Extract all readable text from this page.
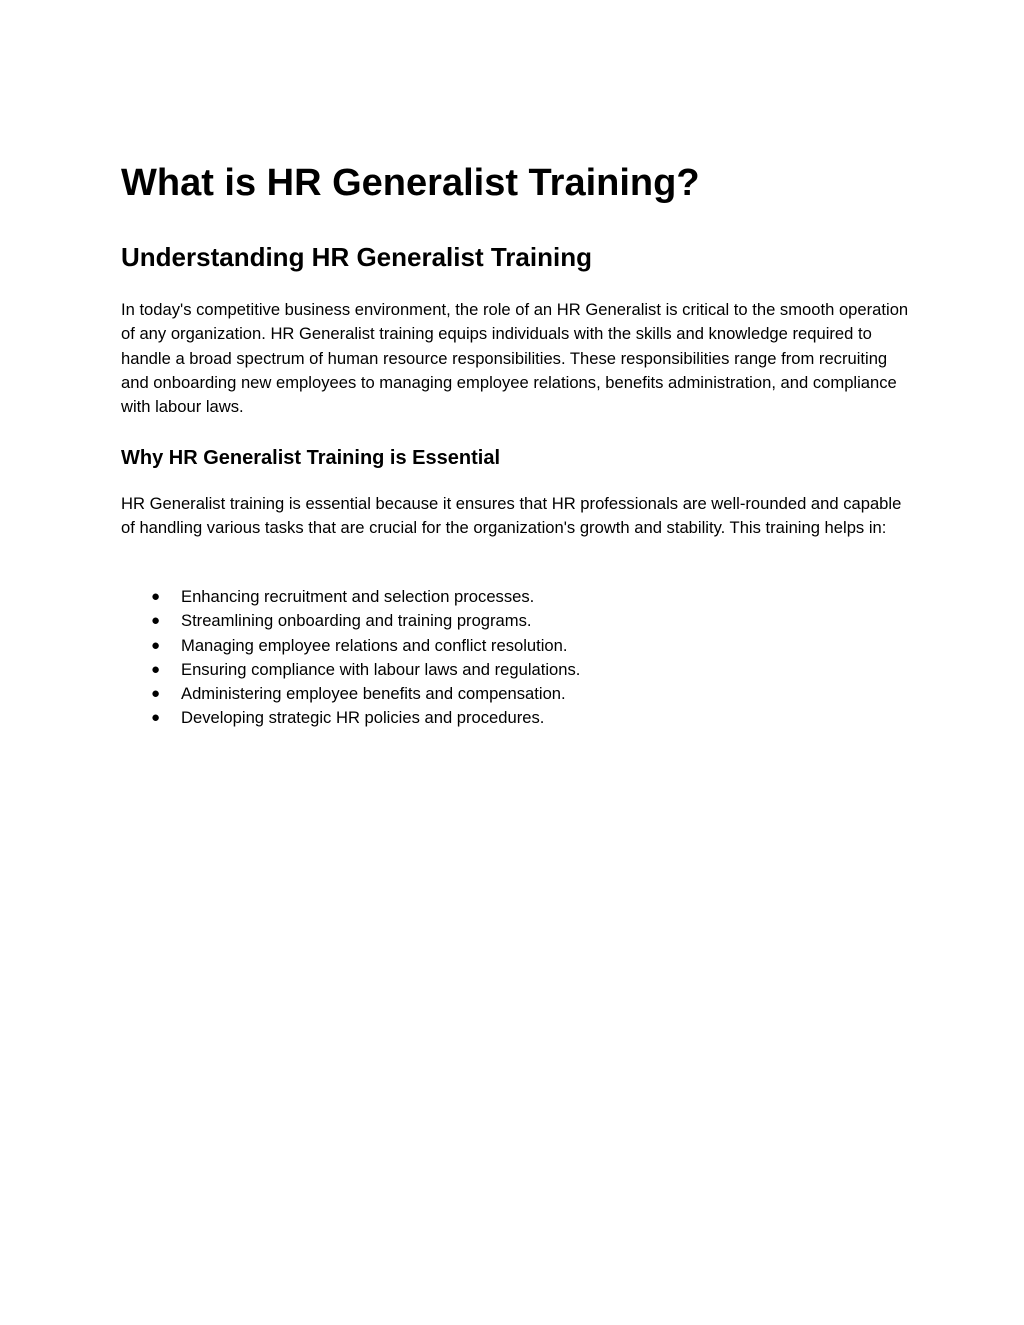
What is HR Generalist Training?
Understanding HR Generalist Training

In today's competitive business environment, the role of an HR Generalist is critical to the smooth operation of any organization. HR Generalist training equips individuals with the skills and knowledge required to handle a broad spectrum of human resource responsibilities. These responsibilities range from recruiting and onboarding new employees to managing employee relations, benefits administration, and compliance with labour laws.

Why HR Generalist Training is Essential

HR Generalist training is essential because it ensures that HR professionals are well-rounded and capable of handling various tasks that are crucial for the organization's growth and stability. This training helps in:

● Enhancing recruitment and selection processes.
● Streamlining onboarding and training programs.
● Managing employee relations and conflict resolution.
● Ensuring compliance with labour laws and regulations.
● Administering employee benefits and compensation.
● Developing strategic HR policies and procedures.
